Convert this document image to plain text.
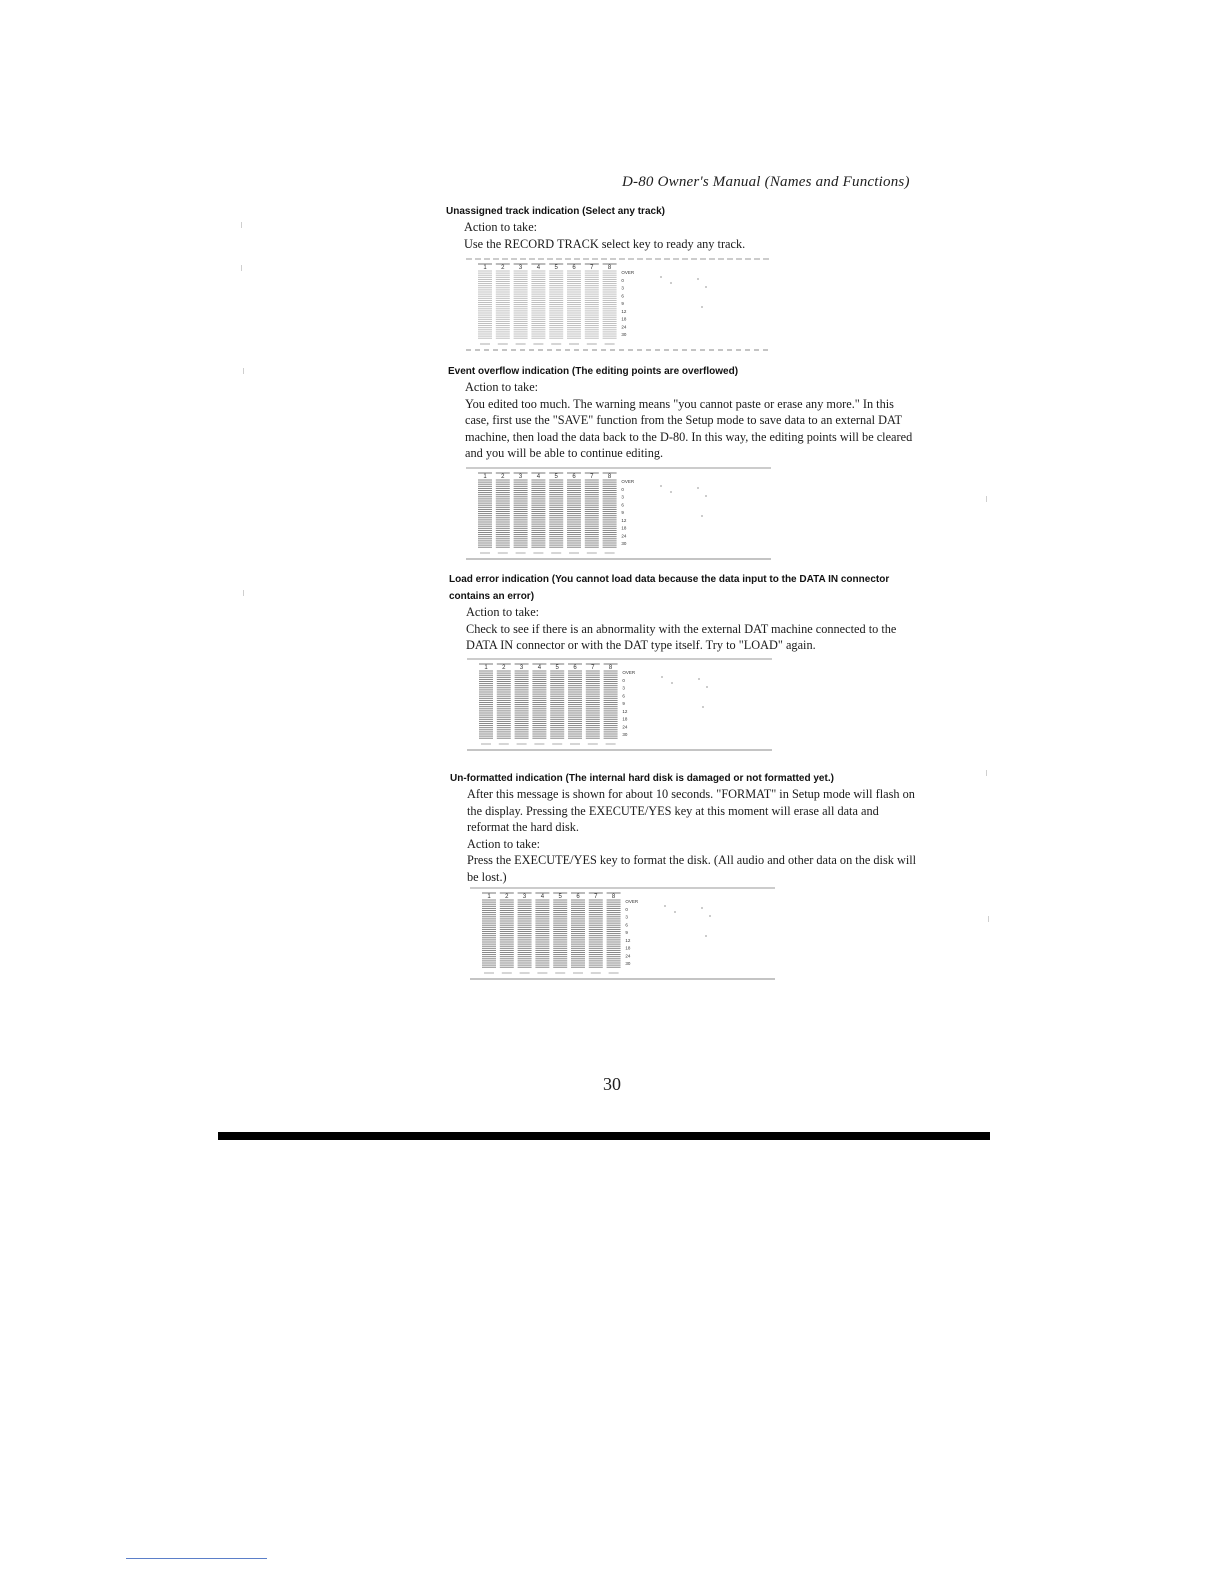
D-80 Owner's Manual (Names and Functions)
Unassigned track indication (Select any track)

Action to take:

Use the RECORD TRACK select key to ready any track.

1 2 3 4 5 6 7 8
OVER
0
3
6
9
12
18
24
30
Event overflow indication (The editing points are overflowed)

Action to take:

You edited too much. The warning means "you cannot paste or erase any more." In this case, first use the "SAVE" function from the Setup mode to save data to an external DAT machine, then load the data back to the D-80. In this way, the editing points will be cleared and you will be able to continue editing.

1 2 3 4 5 6 7 8
OVER
0
3
6
9
12
18
24
30
Load error indication (You cannot load data because the data input to the DATA IN connector contains an error)

Action to take:

Check to see if there is an abnormality with the external DAT machine connected to the DATA IN connector or with the DAT type itself. Try to "LOAD" again.

1 2 3 4 5 6 7 8
OVER
0
3
6
9
12
18
24
30
Un-formatted indication (The internal hard disk is damaged or not formatted yet.)

After this message is shown for about 10 seconds. "FORMAT" in Setup mode will flash on the display. Pressing the EXECUTE/YES key at this moment will erase all data and reformat the hard disk.

Action to take:

Press the EXECUTE/YES key to format the disk. (All audio and other data on the disk will be lost.)

1 2 3 4 5 6 7 8
OVER
0
3
6
9
12
18
24
30
30
